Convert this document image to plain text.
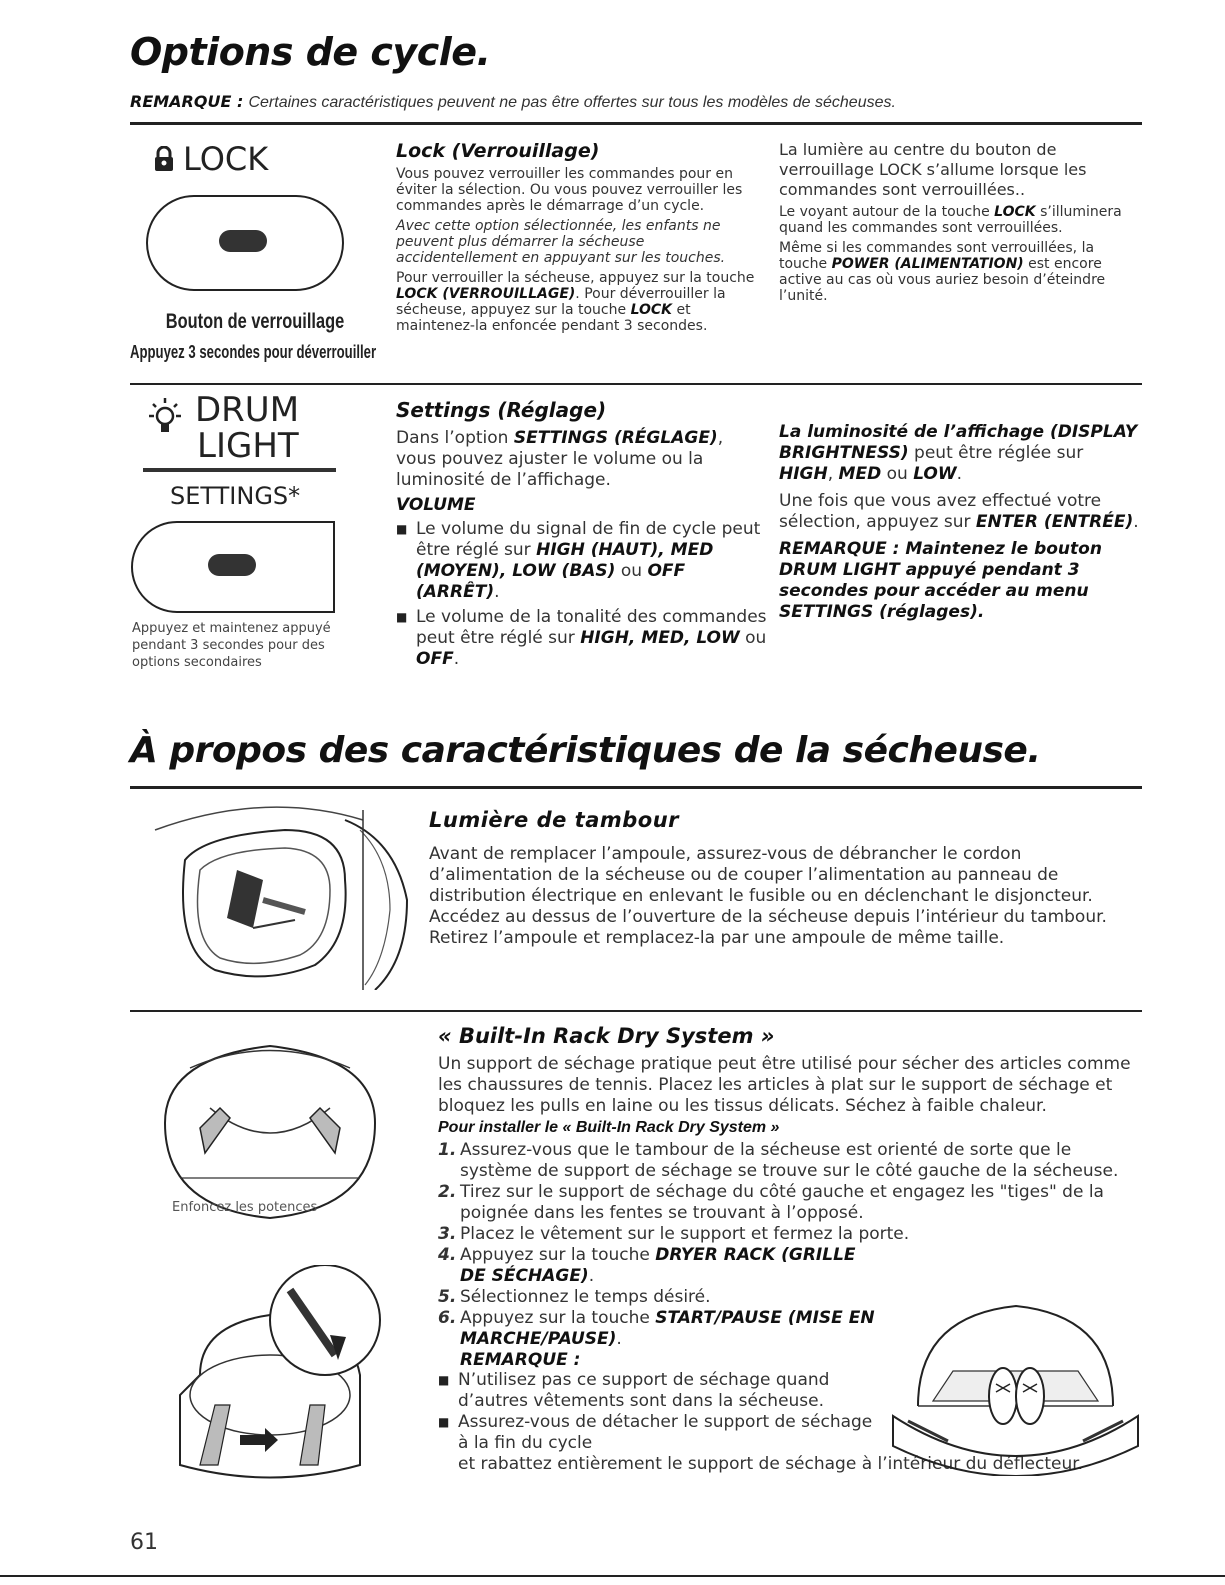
Options de cycle.
REMARQUE : Certaines caractéristiques peuvent ne pas être offertes sur tous les modèles de sécheuses.
LOCK
Bouton de verrouillage
Appuyez 3 secondes pour déverrouiller
Lock (Verrouillage)

Vous pouvez verrouiller les commandes pour en éviter la sélection. Ou vous pouvez verrouiller les commandes après le démarrage d’un cycle.

Avec cette option sélectionnée, les enfants ne peuvent plus démarrer la sécheuse accidentellement en appuyant sur les touches.

Pour verrouiller la sécheuse, appuyez sur la touche LOCK (VERROUILLAGE). Pour déverrouiller la sécheuse, appuyez sur la touche LOCK et maintenez-la enfoncée pendant 3 secondes.

La lumière au centre du bouton de verrouillage LOCK s’allume lorsque les commandes sont verrouillées..

Le voyant autour de la touche LOCK s’illuminera quand les commandes sont verrouillées.

Même si les commandes sont verrouillées, la touche POWER (ALIMENTATION) est encore active au cas où vous auriez besoin d’éteindre l’unité.

DRUM
LIGHT
SETTINGS*
Appuyez et maintenez appuyé pendant 3 secondes pour des options secondaires
Settings (Réglage)

Dans l’option SETTINGS (RÉGLAGE), vous pouvez ajuster le volume ou la luminosité de l’affichage.

VOLUME

■ Le volume du signal de fin de cycle peut être réglé sur HIGH (HAUT), MED (MOYEN), LOW (BAS) ou OFF (ARRÊT).

■ Le volume de la tonalité des commandes peut être réglé sur HIGH, MED, LOW ou OFF.

La luminosité de l’affichage (DISPLAY BRIGHTNESS) peut être réglée sur HIGH, MED ou LOW.

Une fois que vous avez effectué votre sélection, appuyez sur ENTER (ENTRÉE).

REMARQUE : Maintenez le bouton DRUM LIGHT appuyé pendant 3 secondes pour accéder au menu SETTINGS (réglages).

À propos des caractéristiques de la sécheuse.
Lumière de tambour

Avant de remplacer l’ampoule, assurez-vous de débrancher le cordon d’alimentation de la sécheuse ou de couper l’alimentation au panneau de distribution électrique en enlevant le fusible ou en déclenchant le disjoncteur. Accédez au dessus de l’ouverture de la sécheuse depuis l’intérieur du tambour. Retirez l’ampoule et remplacez-la par une ampoule de même taille.

Enfoncez les potences
« Built-In Rack Dry System »

Un support de séchage pratique peut être utilisé pour sécher des articles comme les chaussures de tennis. Placez les articles à plat sur le support de séchage et bloquez les pulls en laine ou les tissus délicats. Séchez à faible chaleur.

Pour installer le « Built-In Rack Dry System »

1. Assurez-vous que le tambour de la sécheuse est orienté de sorte que le système de support de séchage se trouve sur le côté gauche de la sécheuse.

2. Tirez sur le support de séchage du côté gauche et engagez les "tiges" de la poignée dans les fentes se trouvant à l’opposé.

3. Placez le vêtement sur le support et fermez la porte.

4. Appuyez sur la touche DRYER RACK (GRILLE DE SÉCHAGE).

5. Sélectionnez le temps désiré.

6. Appuyez sur la touche START/PAUSE (MISE EN MARCHE/PAUSE).

REMARQUE :

■ N’utilisez pas ce support de séchage quand d’autres vêtements sont dans la sécheuse.

■ Assurez-vous de détacher le support de séchage à la fin du cycle

et rabattez entièrement le support de séchage à l’intérieur du déflecteur.

61
